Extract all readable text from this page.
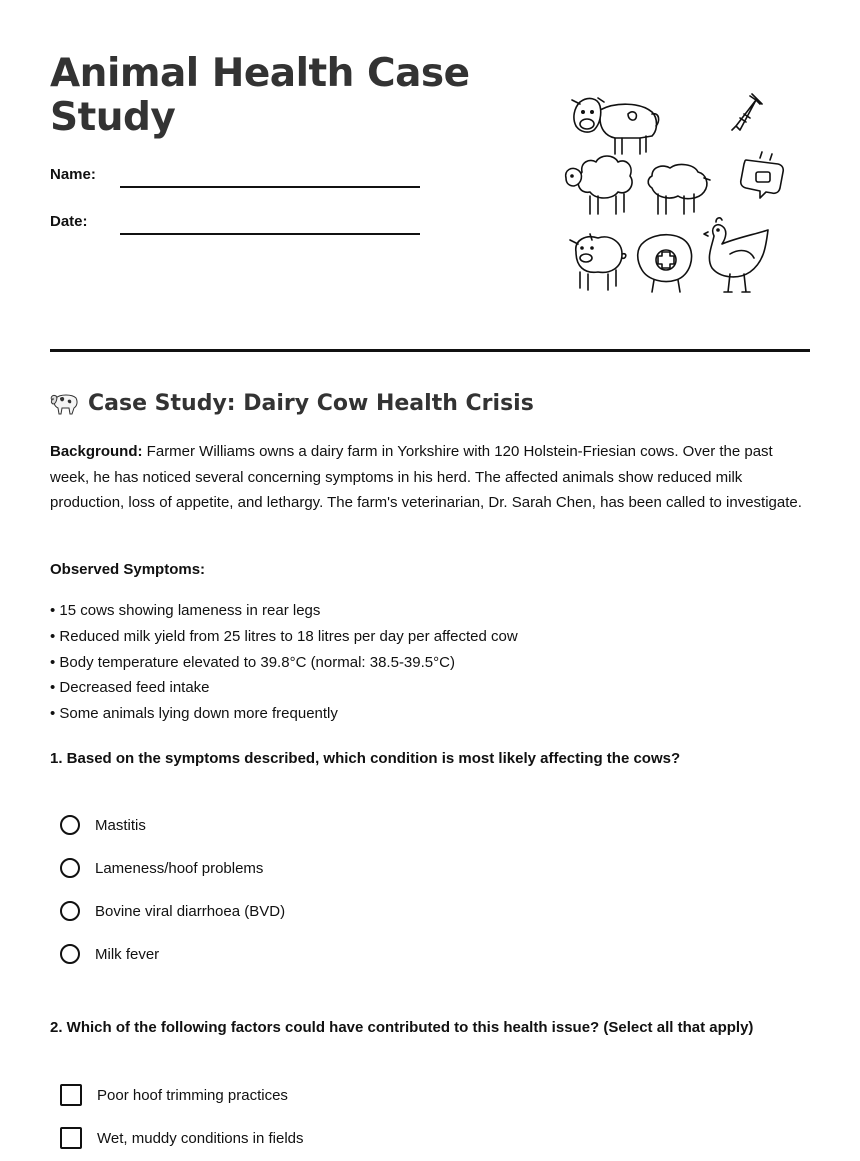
Animal Health Case Study
Name:
Date:
Case Study: Dairy Cow Health Crisis
Background: Farmer Williams owns a dairy farm in Yorkshire with 120 Holstein-Friesian cows. Over the past week, he has noticed several concerning symptoms in his herd. The affected animals show reduced milk production, loss of appetite, and lethargy. The farm's veterinarian, Dr. Sarah Chen, has been called to investigate.
Observed Symptoms:
• 15 cows showing lameness in rear legs
• Reduced milk yield from 25 litres to 18 litres per day per affected cow
• Body temperature elevated to 39.8°C (normal: 38.5-39.5°C)
• Decreased feed intake
• Some animals lying down more frequently
1. Based on the symptoms described, which condition is most likely affecting the cows?
Mastitis
Lameness/hoof problems
Bovine viral diarrhoea (BVD)
Milk fever
2. Which of the following factors could have contributed to this health issue? (Select all that apply)
Poor hoof trimming practices
Wet, muddy conditions in fields
